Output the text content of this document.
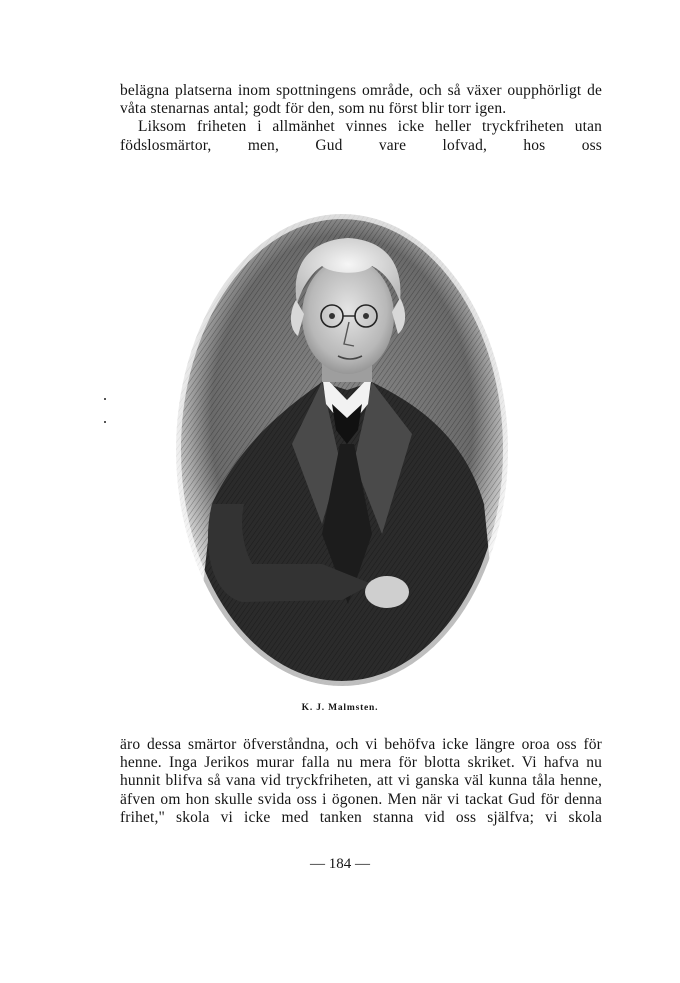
belägna platserna inom spottningens område, och så växer oupphörligt de våta stenarnas antal; godt för den, som nu först blir torr igen.

Liksom friheten i allmänhet vinnes icke heller tryckfriheten utan födslosmärtor, men, Gud vare lofvad, hos oss

K. J. Malmsten.

äro dessa smärtor öfverståndna, och vi behöfva icke längre oroa oss för henne. Inga Jerikos murar falla nu mera för blotta skriket. Vi hafva nu hunnit blifva så vana vid tryckfriheten, att vi ganska väl kunna tåla henne, äfven om hon skulle svida oss i ögonen. Men när vi tackat Gud för denna frihet," skola vi icke med tanken stanna vid oss själfva; vi skola

— 184 —
